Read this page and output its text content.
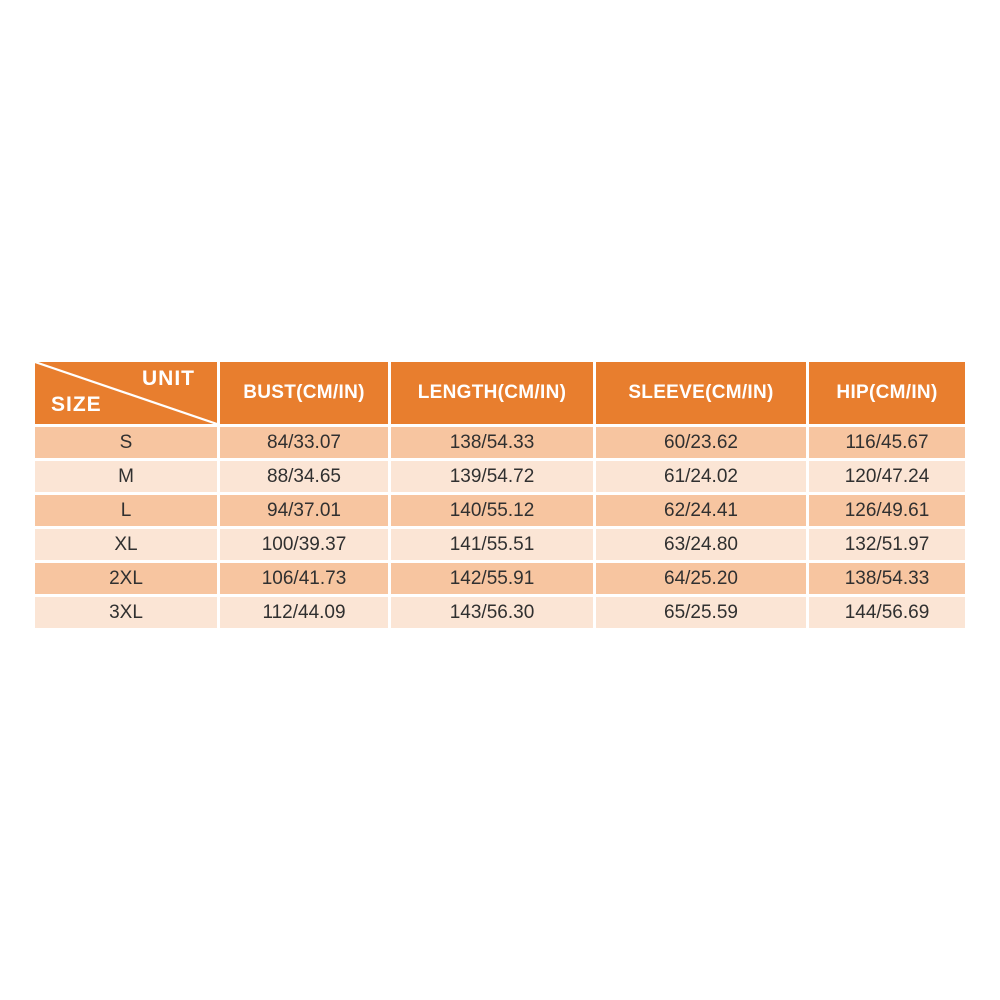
UNIT
SIZE	BUST(CM/IN)	LENGTH(CM/IN)	SLEEVE(CM/IN)	HIP(CM/IN)
S	84/33.07	138/54.33	60/23.62	116/45.67
M	88/34.65	139/54.72	61/24.02	120/47.24
L	94/37.01	140/55.12	62/24.41	126/49.61
XL	100/39.37	141/55.51	63/24.80	132/51.97
2XL	106/41.73	142/55.91	64/25.20	138/54.33
3XL	112/44.09	143/56.30	65/25.59	144/56.69
